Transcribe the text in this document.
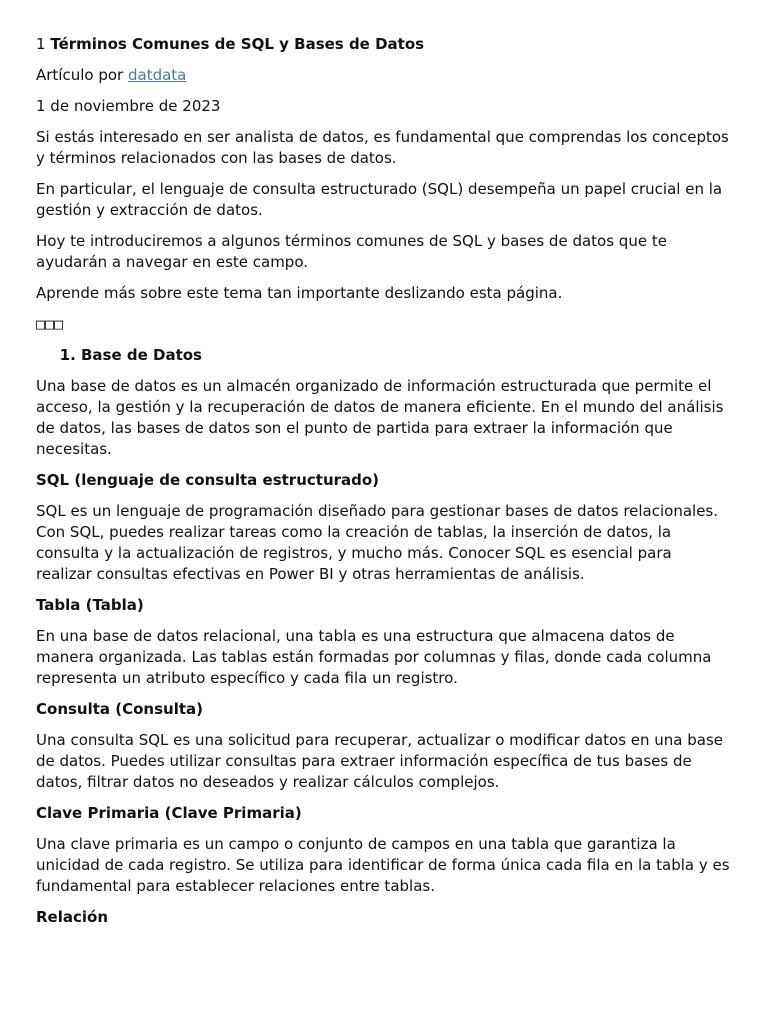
1 Términos Comunes de SQL y Bases de Datos

Artículo por datdata

1 de noviembre de 2023

Si estás interesado en ser analista de datos, es fundamental que comprendas los conceptos y términos relacionados con las bases de datos.

En particular, el lenguaje de consulta estructurado (SQL) desempeña un papel crucial en la gestión y extracción de datos.

Hoy te introduciremos a algunos términos comunes de SQL y bases de datos que te ayudarán a navegar en este campo.

Aprende más sobre este tema tan importante deslizando esta página.

□□□

1. Base de Datos

Una base de datos es un almacén organizado de información estructurada que permite el acceso, la gestión y la recuperación de datos de manera eficiente. En el mundo del análisis de datos, las bases de datos son el punto de partida para extraer la información que necesitas.

SQL (lenguaje de consulta estructurado)

SQL es un lenguaje de programación diseñado para gestionar bases de datos relacionales. Con SQL, puedes realizar tareas como la creación de tablas, la inserción de datos, la consulta y la actualización de registros, y mucho más. Conocer SQL es esencial para realizar consultas efectivas en Power BI y otras herramientas de análisis.

Tabla (Tabla)

En una base de datos relacional, una tabla es una estructura que almacena datos de manera organizada. Las tablas están formadas por columnas y filas, donde cada columna representa un atributo específico y cada fila un registro.

Consulta (Consulta)

Una consulta SQL es una solicitud para recuperar, actualizar o modificar datos en una base de datos. Puedes utilizar consultas para extraer información específica de tus bases de datos, filtrar datos no deseados y realizar cálculos complejos.

Clave Primaria (Clave Primaria)

Una clave primaria es un campo o conjunto de campos en una tabla que garantiza la unicidad de cada registro. Se utiliza para identificar de forma única cada fila en la tabla y es fundamental para establecer relaciones entre tablas.

Relación
